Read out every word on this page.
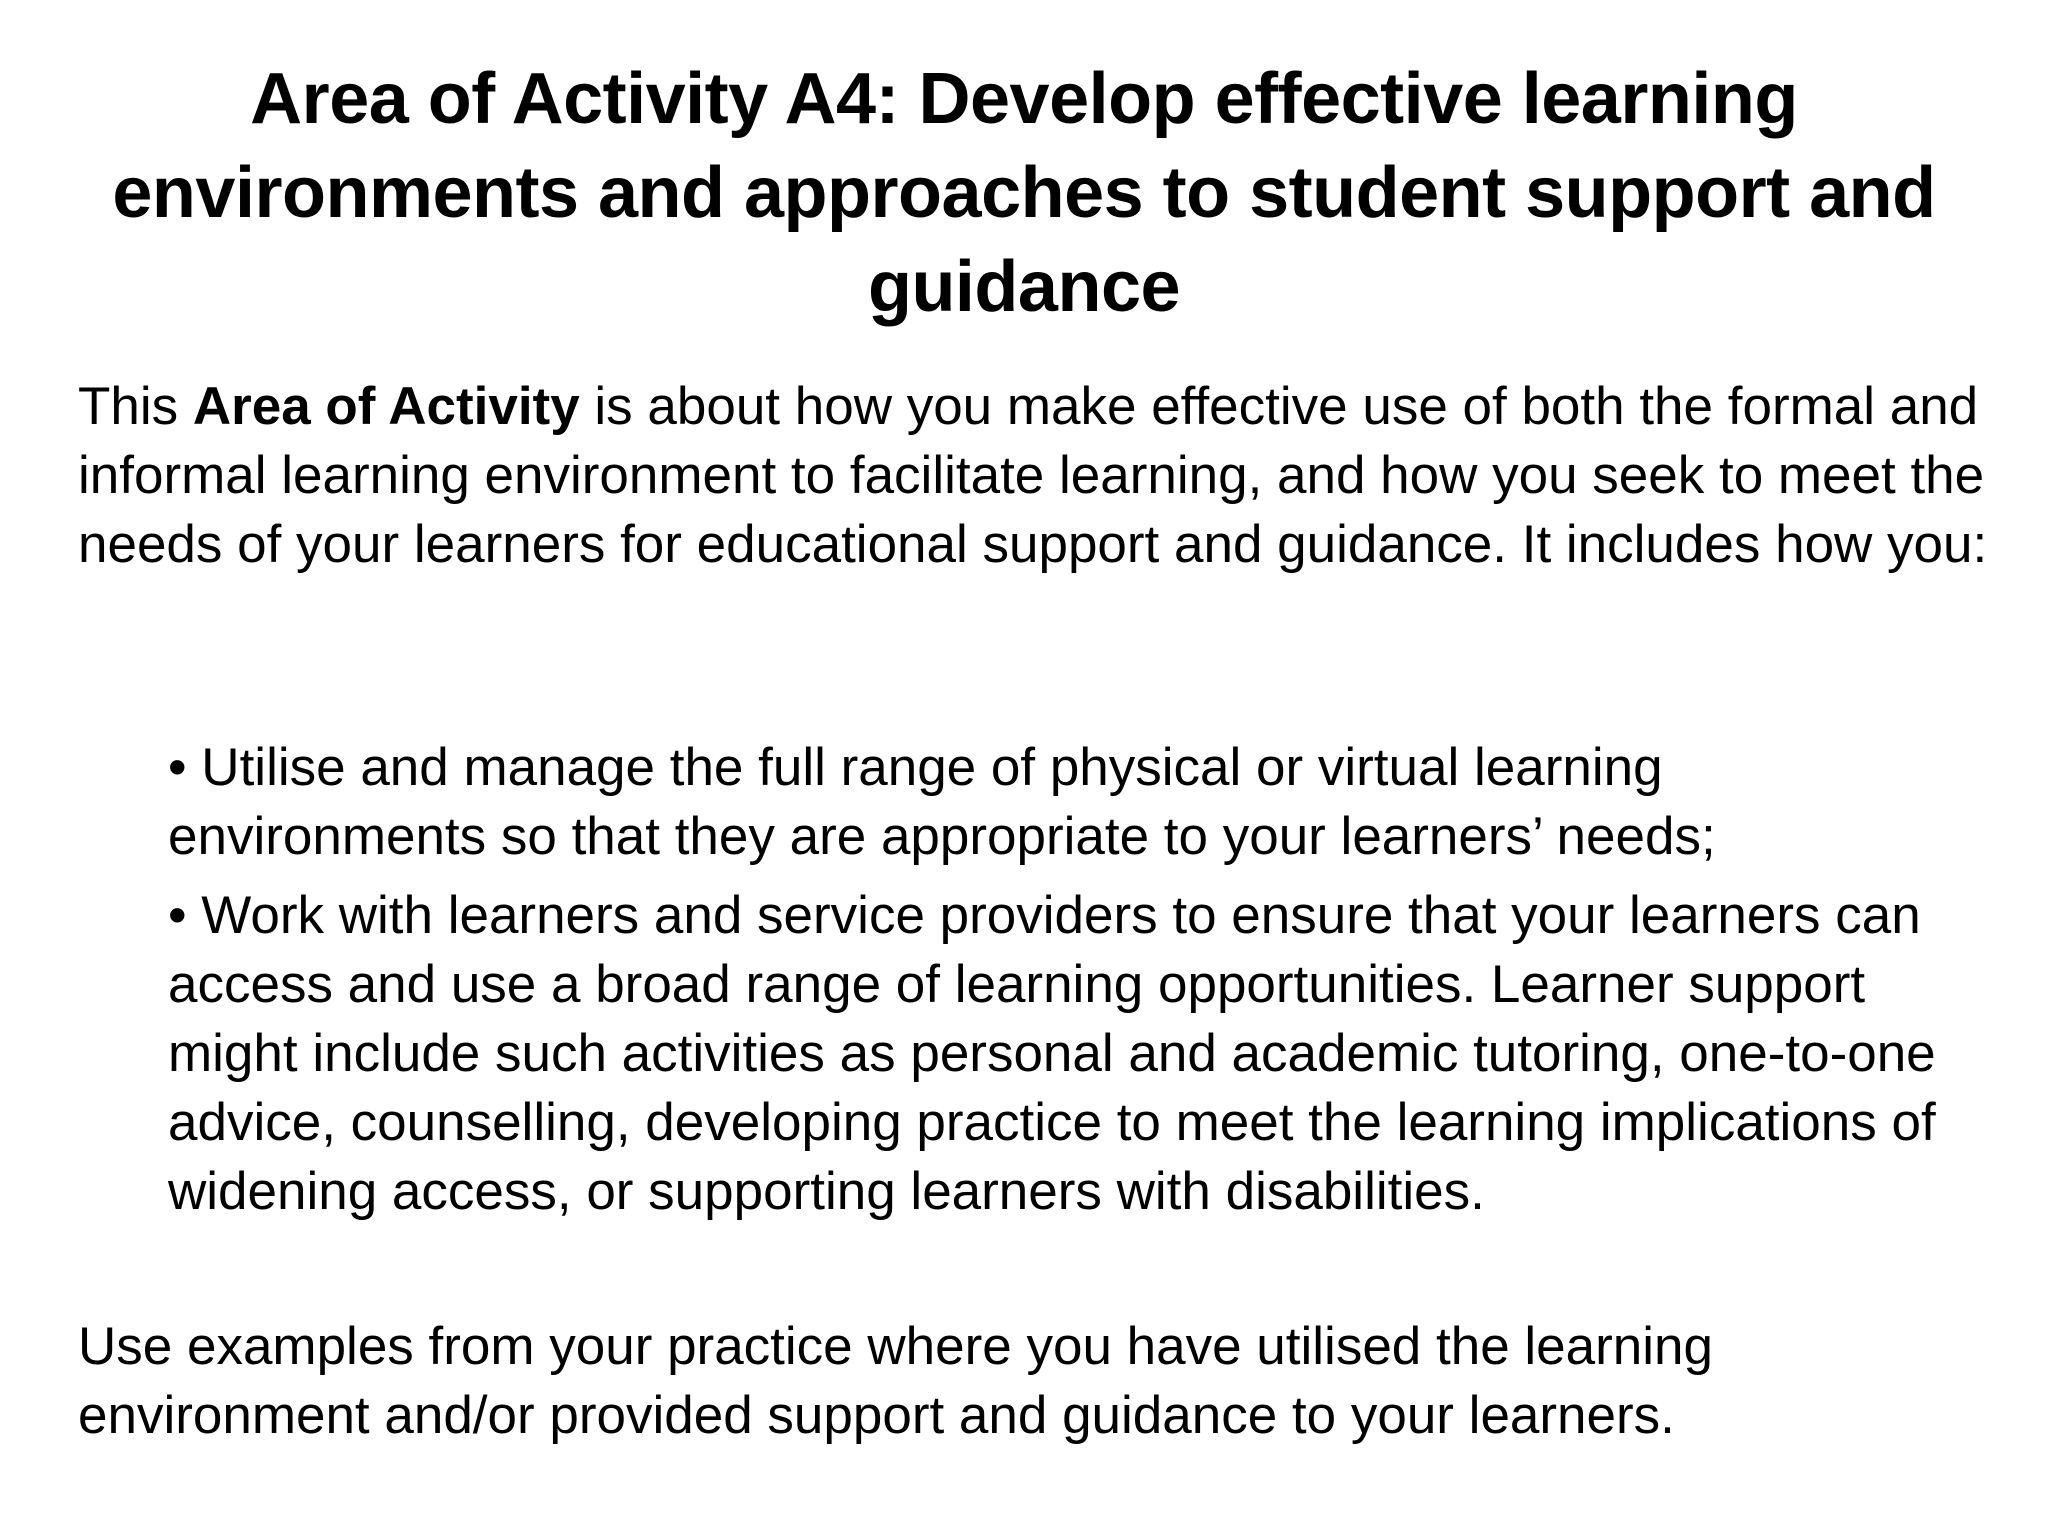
Area of Activity A4: Develop effective learning environments and approaches to student support and guidance

This Area of Activity is about how you make effective use of both the formal and informal learning environment to facilitate learning, and how you seek to meet the needs of your learners for educational support and guidance. It includes how you:

• Utilise and manage the full range of physical or virtual learning environments so that they are appropriate to your learners’ needs;
• Work with learners and service providers to ensure that your learners can access and use a broad range of learning opportunities. Learner support might include such activities as personal and academic tutoring, one-to-one advice, counselling, developing practice to meet the learning implications of widening access, or supporting learners with disabilities.

Use examples from your practice where you have utilised the learning environment and/or provided support and guidance to your learners.
